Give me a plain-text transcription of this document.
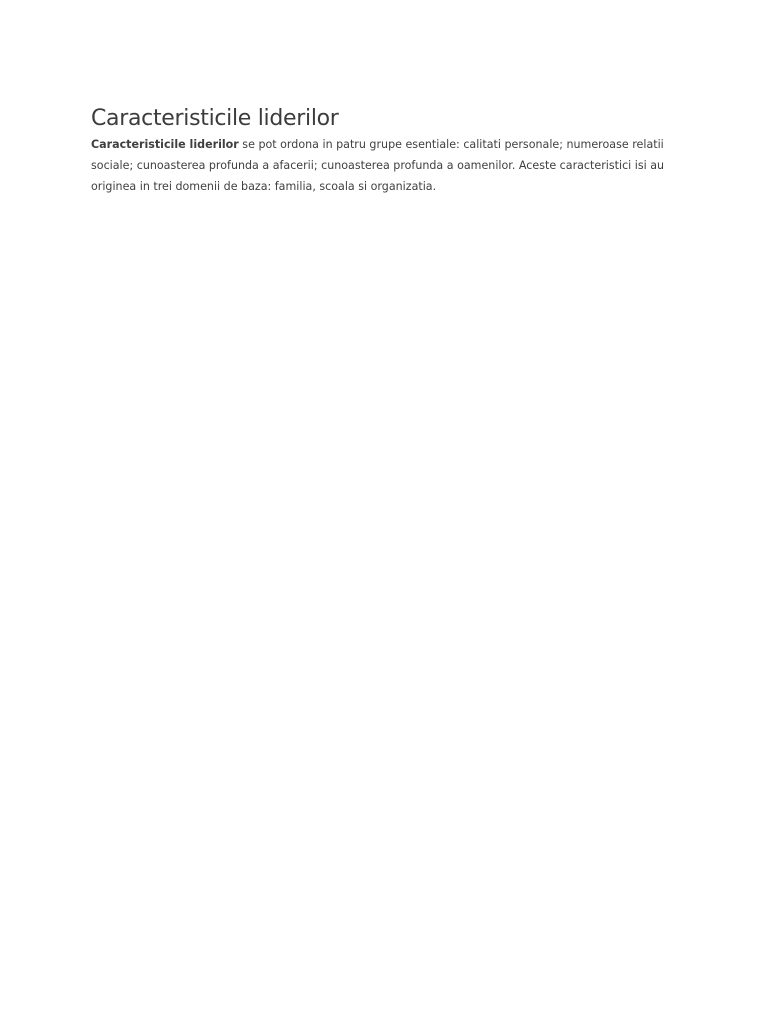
Caracteristicile liderilor

Caracteristicile liderilor se pot ordona in patru grupe esentiale: calitati personale; numeroase relatii sociale; cunoasterea profunda a afacerii; cunoasterea profunda a oamenilor. Aceste caracteristici isi au originea in trei domenii de baza: familia, scoala si organizatia.
